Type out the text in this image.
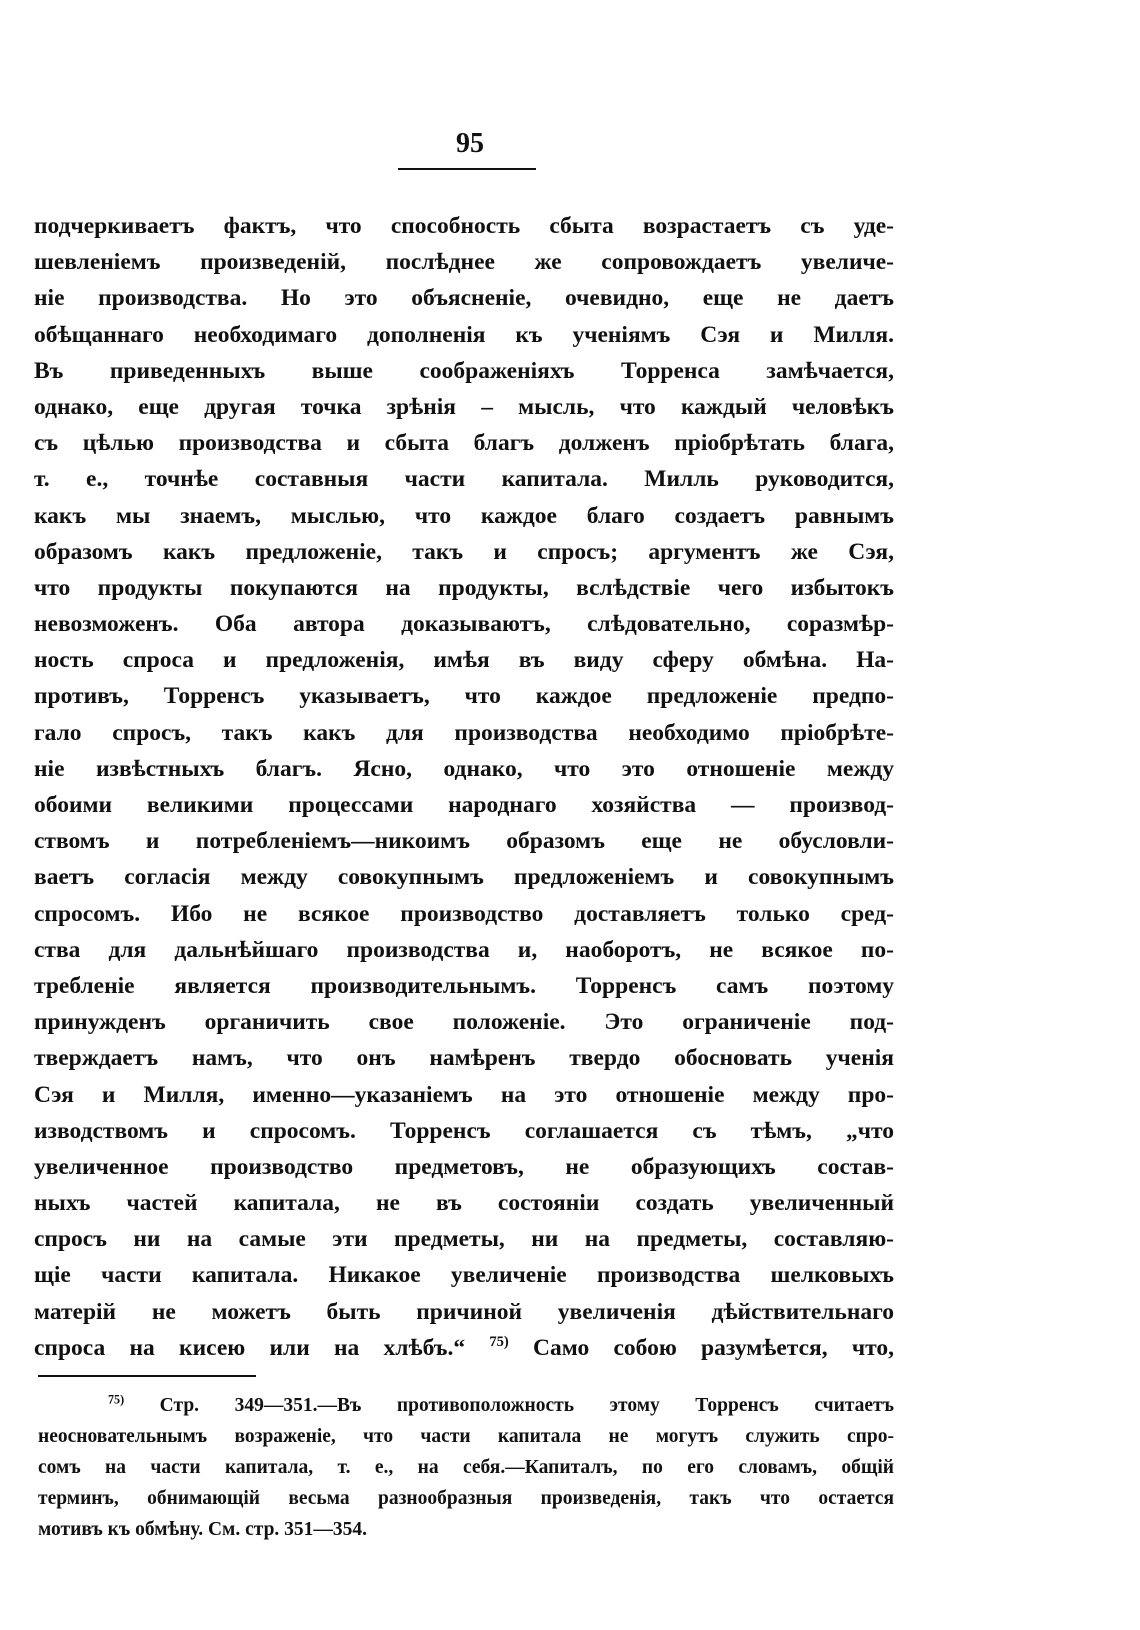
95
подчеркиваетъ фактъ, что способность сбыта возрастаетъ съ уде-
шевленіемъ произведеній, послѣднее же сопровождаетъ увеличе-
ніе производства. Но это объясненіе, очевидно, еще не даетъ
обѣщаннаго необходимаго дополненія къ ученіямъ Сэя и Милля.
Въ приведенныхъ выше соображеніяхъ Торренса замѣчается,
однако, еще другая точка зрѣнія – мысль, что каждый человѣкъ
съ цѣлью производства и сбыта благъ долженъ пріобрѣтать блага,
т. е., точнѣе составныя части капитала. Милль руководится,
какъ мы знаемъ, мыслью, что каждое благо создаетъ равнымъ
образомъ какъ предложеніе, такъ и спросъ; аргументъ же Сэя,
что продукты покупаются на продукты, вслѣдствіе чего избытокъ
невозможенъ. Оба автора доказываютъ, слѣдовательно, соразмѣр-
ность спроса и предложенія, имѣя въ виду сферу обмѣна. На-
противъ, Торренсъ указываетъ, что каждое предложеніе предпо-
гало спросъ, такъ какъ для производства необходимо пріобрѣте-
ніе извѣстныхъ благъ. Ясно, однако, что это отношеніе между
обоими великими процессами народнаго хозяйства — производ-
ствомъ и потребленіемъ—никоимъ образомъ еще не обусловли-
ваетъ согласія между совокупнымъ предложеніемъ и совокупнымъ
спросомъ. Ибо не всякое производство доставляетъ только сред-
ства для дальнѣйшаго производства и, наоборотъ, не всякое по-
требленіе является производительнымъ. Торренсъ самъ поэтому
принужденъ органичить свое положеніе. Это ограниченіе под-
тверждаетъ намъ, что онъ намѣренъ твердо обосновать ученія
Сэя и Милля, именно—указаніемъ на это отношеніе между про-
изводствомъ и спросомъ. Торренсъ соглашается съ тѣмъ, „что
увеличенное производство предметовъ, не образующихъ состав-
ныхъ частей капитала, не въ состояніи создать увеличенный
спросъ ни на самые эти предметы, ни на предметы, составляю-
щіе части капитала. Никакое увеличеніе производства шелковыхъ
матерій не можетъ быть причиной увеличенія дѣйствительнаго
спроса на кисею или на хлѣбъ.“ $^{75)}$ Само собою разумѣется, что,
$^{75)}$ Стр. 349—351.—Въ противоположность этому Торренсъ считаетъ
неосновательнымъ возраженіе, что части капитала не могутъ служить спро-
сомъ на части капитала, т. е., на себя.—Капиталъ, по его словамъ, общій
терминъ, обнимающій весьма разнообразныя произведенія, такъ что остается
мотивъ къ обмѣну. См. стр. 351—354.
